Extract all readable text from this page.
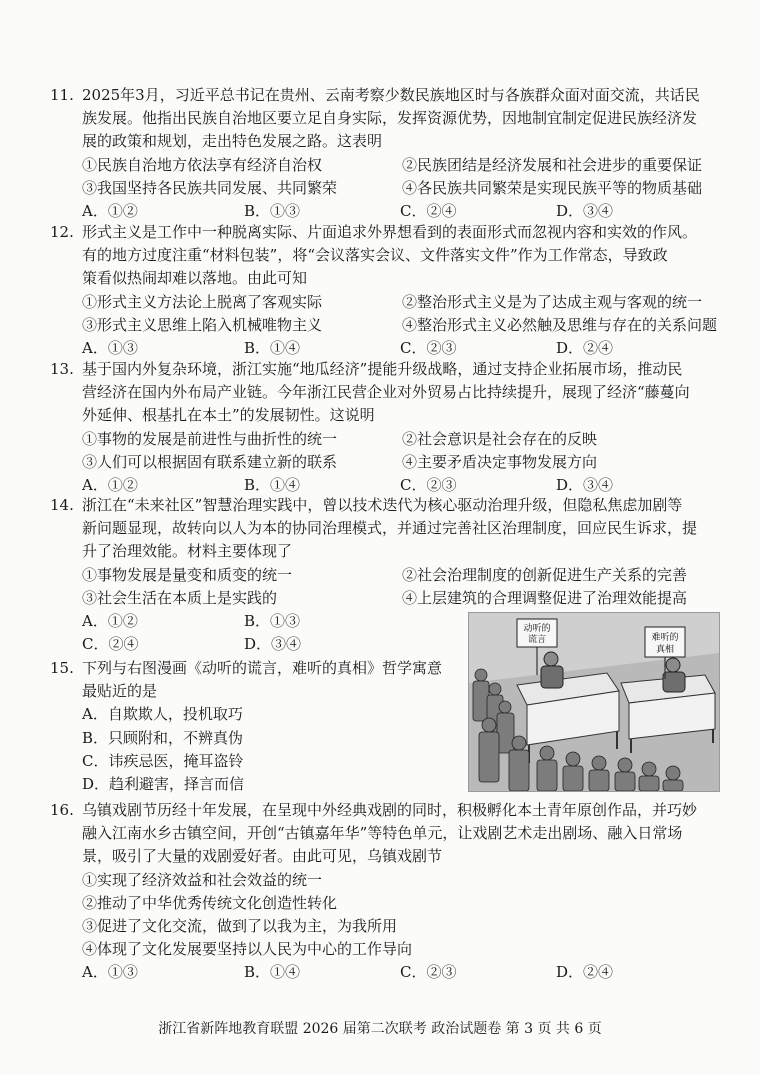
11. 2025年3月，习近平总书记在贵州、云南考察少数民族地区时与各族群众面对面交流，共话民
族发展。他指出民族自治地区要立足自身实际，发挥资源优势，因地制宜制定促进民族经济发
展的政策和规划，走出特色发展之路。这表明
①民族自治地方依法享有经济自治权	②民族团结是经济发展和社会进步的重要保证
③我国坚持各民族共同发展、共同繁荣	④各民族共同繁荣是实现民族平等的物质基础
A．①②	B．①③	C．②④	D．③④
12. 形式主义是工作中一种脱离实际、片面追求外界想看到的表面形式而忽视内容和实效的作风。
有的地方过度注重“材料包装”，将“会议落实会议、文件落实文件”作为工作常态，导致政
策看似热闹却难以落地。由此可知
①形式主义方法论上脱离了客观实际	②整治形式主义是为了达成主观与客观的统一
③形式主义思维上陷入机械唯物主义	④整治形式主义必然触及思维与存在的关系问题
A．①③	B．①④	C．②③	D．②④
13. 基于国内外复杂环境，浙江实施“地瓜经济”提能升级战略，通过支持企业拓展市场，推动民
营经济在国内外布局产业链。今年浙江民营企业对外贸易占比持续提升，展现了经济“藤蔓向
外延伸、根基扎在本土”的发展韧性。这说明
①事物的发展是前进性与曲折性的统一	②社会意识是社会存在的反映
③人们可以根据固有联系建立新的联系	④主要矛盾决定事物发展方向
A．①②	B．①④	C．②③	D．③④
14. 浙江在“未来社区”智慧治理实践中，曾以技术迭代为核心驱动治理升级，但隐私焦虑加剧等
新问题显现，故转向以人为本的协同治理模式，并通过完善社区治理制度，回应民生诉求，提
升了治理效能。材料主要体现了
①事物发展是量变和质变的统一	②社会治理制度的创新促进生产关系的完善
③社会生活在本质上是实践的	④上层建筑的合理调整促进了治理效能提高
A．①②	B．①③
C．②④	D．③④
15. 下列与右图漫画《动听的谎言，难听的真相》哲学寓意
最贴近的是
A．自欺欺人，投机取巧
B．只顾附和，不辨真伪
C．讳疾忌医，掩耳盗铃
D．趋利避害，择言而信
动听的
谎言	难听的
真相
16. 乌镇戏剧节历经十年发展，在呈现中外经典戏剧的同时，积极孵化本土青年原创作品，并巧妙
融入江南水乡古镇空间，开创“古镇嘉年华”等特色单元，让戏剧艺术走出剧场、融入日常场
景，吸引了大量的戏剧爱好者。由此可见，乌镇戏剧节
①实现了经济效益和社会效益的统一
②推动了中华优秀传统文化创造性转化
③促进了文化交流，做到了以我为主，为我所用
④体现了文化发展要坚持以人民为中心的工作导向
A．①③	B．①④	C．②③	D．②④
浙江省新阵地教育联盟 2026 届第二次联考 政治试题卷 第 3 页 共 6 页
